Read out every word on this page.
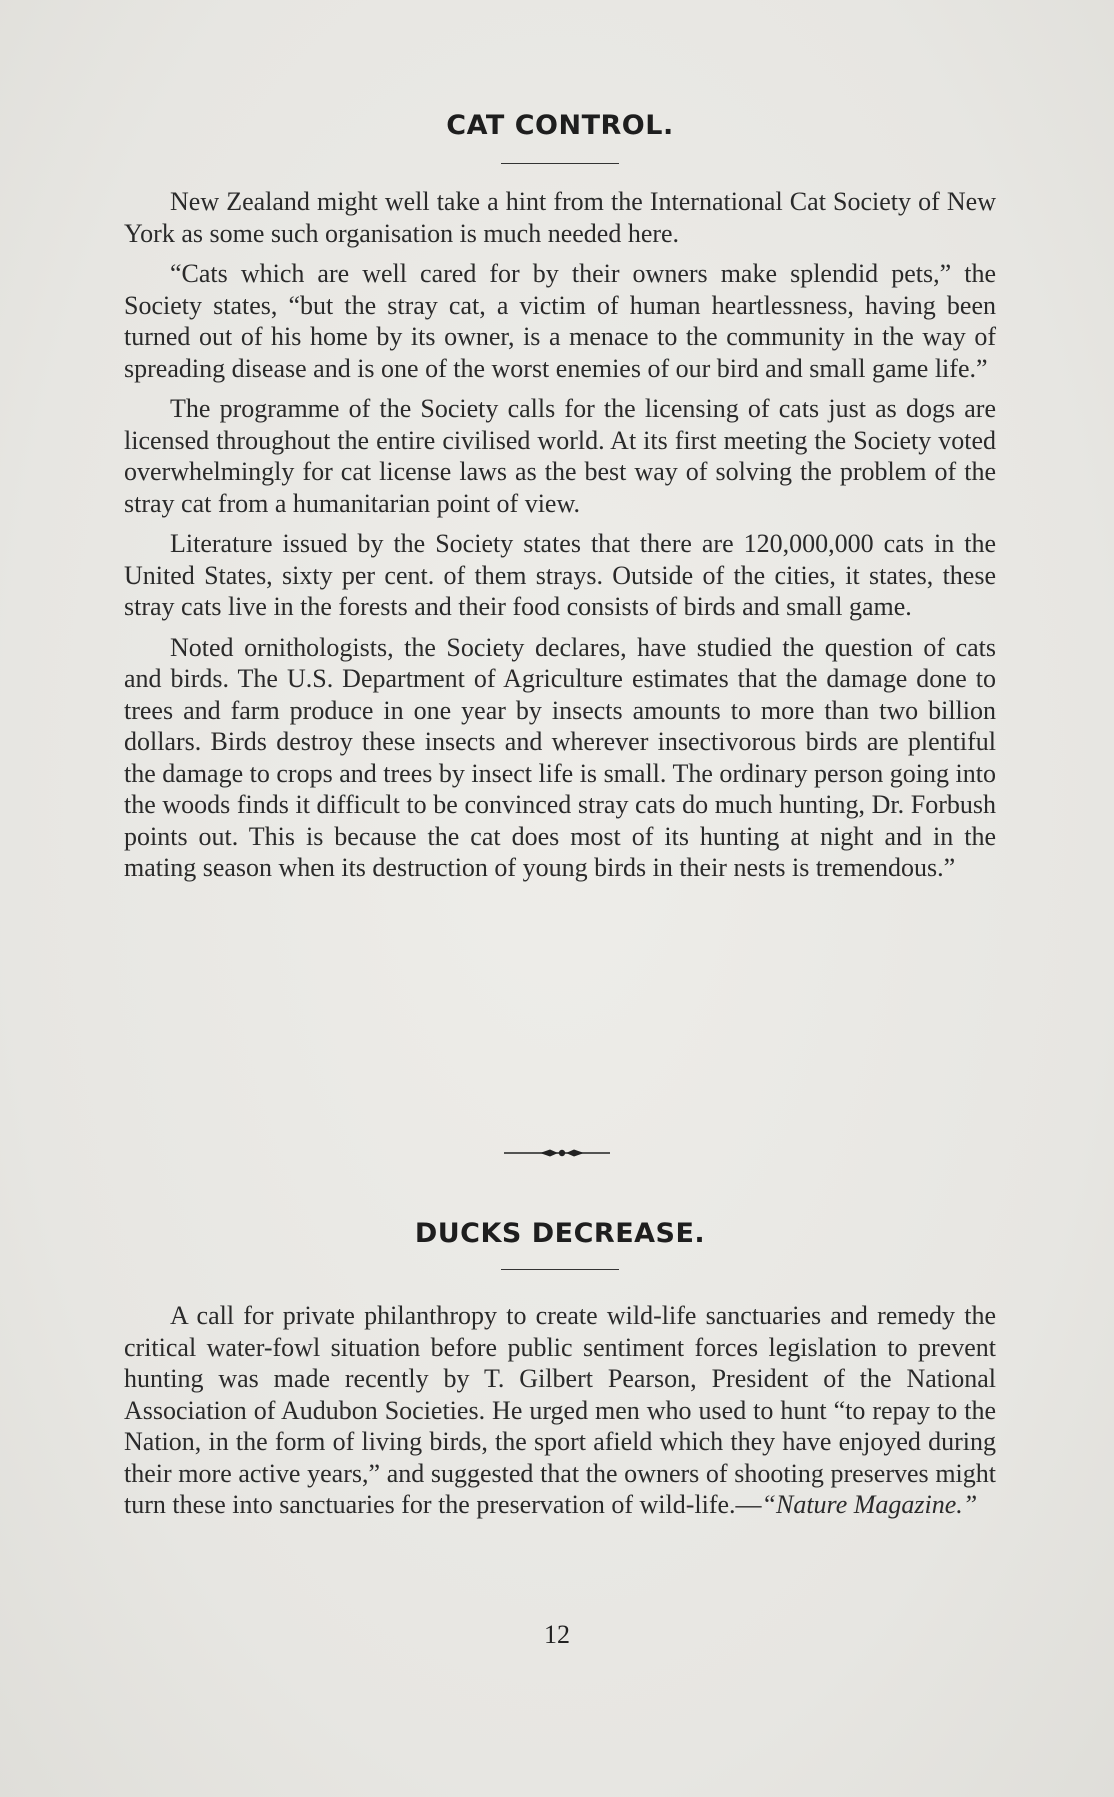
CAT CONTROL.

New Zealand might well take a hint from the International Cat Society of New York as some such organisation is much needed here.

“Cats which are well cared for by their owners make splendid pets,” the Society states, “but the stray cat, a victim of human heartlessness, having been turned out of his home by its owner, is a menace to the community in the way of spreading disease and is one of the worst enemies of our bird and small game life.”

The programme of the Society calls for the licensing of cats just as dogs are licensed throughout the entire civilised world. At its first meeting the Society voted overwhelmingly for cat license laws as the best way of solving the problem of the stray cat from a humanitarian point of view.

Literature issued by the Society states that there are 120,000,000 cats in the United States, sixty per cent. of them strays. Outside of the cities, it states, these stray cats live in the forests and their food consists of birds and small game.

Noted ornithologists, the Society declares, have studied the question of cats and birds. The U.S. Department of Agriculture estimates that the damage done to trees and farm produce in one year by insects amounts to more than two billion dollars. Birds destroy these insects and wherever insectivorous birds are plentiful the damage to crops and trees by insect life is small. The ordinary person going into the woods finds it difficult to be convinced stray cats do much hunting, Dr. Forbush points out. This is because the cat does most of its hunting at night and in the mating season when its destruction of young birds in their nests is tremendous.”

DUCKS DECREASE.

A call for private philanthropy to create wild-life sanctuaries and remedy the critical water-fowl situation before public sentiment forces legislation to prevent hunting was made recently by T. Gilbert Pearson, President of the National Association of Audubon Societies. He urged men who used to hunt “to repay to the Nation, in the form of living birds, the sport afield which they have enjoyed during their more active years,” and suggested that the owners of shooting preserves might turn these into sanctuaries for the preservation of wild-life.—“Nature Magazine.”

12
